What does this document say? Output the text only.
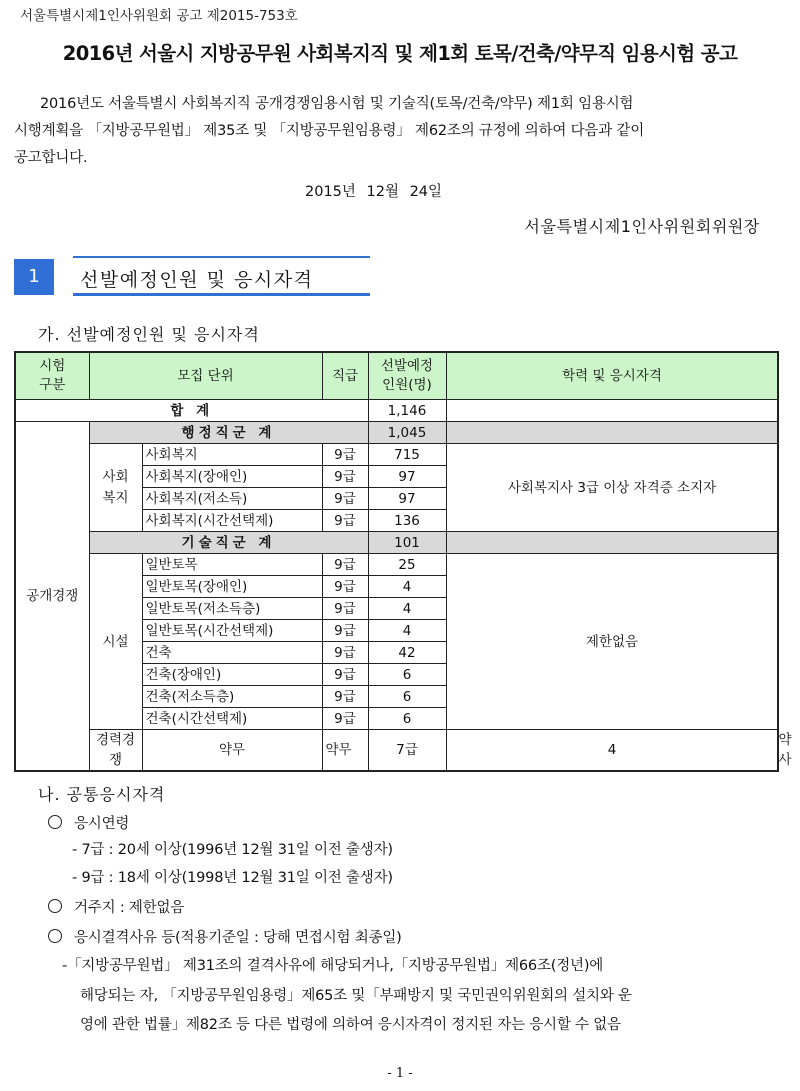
서울특별시제1인사위원회 공고 제2015-753호
2016년 서울시 지방공무원 사회복지직 및 제1회 토목/건축/약무직 임용시험 공고
2016년도 서울특별시 사회복지직 공개경쟁임용시험 및 기술직(토목/건축/약무) 제1회 임용시험
시행계획을 「지방공무원법」 제35조 및 「지방공무원임용령」 제62조의 규정에 의하여 다음과 같이
공고합니다.
2015년 12월 24일
서울특별시제1인사위원회위원장
1	선발예정인원 및 응시자격
가. 선발예정인원 및 응시자격
시험구분	모집 단위		직급	선발예정인원(명)	학력 및 응시자격	
합 계				1,146		
공개경쟁	행정직군 계			1,045		
	사회복지	사회복지	9급	715	사회복지사 3급 이상 자격증 소지자	
		사회복지(장애인)	9급	97		
		사회복지(저소득)	9급	97		
		사회복지(시간선택제)	9급	136		
	기술직군 계			101		
	시설	일반토목	9급	25	제한없음	
		일반토목(장애인)	9급	4		
		일반토목(저소득층)	9급	4		
		일반토목(시간선택제)	9급	4		
		건축	9급	42		
		건축(장애인)	9급	6		
		건축(저소득층)	9급	6		
		건축(시간선택제)	9급	6		
	경력경쟁	약무	약무	7급	4	약사
나. 공통응시자격
응시연령
- 7급 : 20세 이상(1996년 12월 31일 이전 출생자)
- 9급 : 18세 이상(1998년 12월 31일 이전 출생자)
거주지 : 제한없음
응시결격사유 등(적용기준일 : 당해 면접시험 최종일)
-「지방공무원법」 제31조의 결격사유에 해당되거나,「지방공무원법」제66조(정년)에
해당되는 자, 「지방공무원임용령」제65조 및「부패방지 및 국민권익위원회의 설치와 운
영에 관한 법률」제82조 등 다른 법령에 의하여 응시자격이 정지된 자는 응시할 수 없음
- 1 -
